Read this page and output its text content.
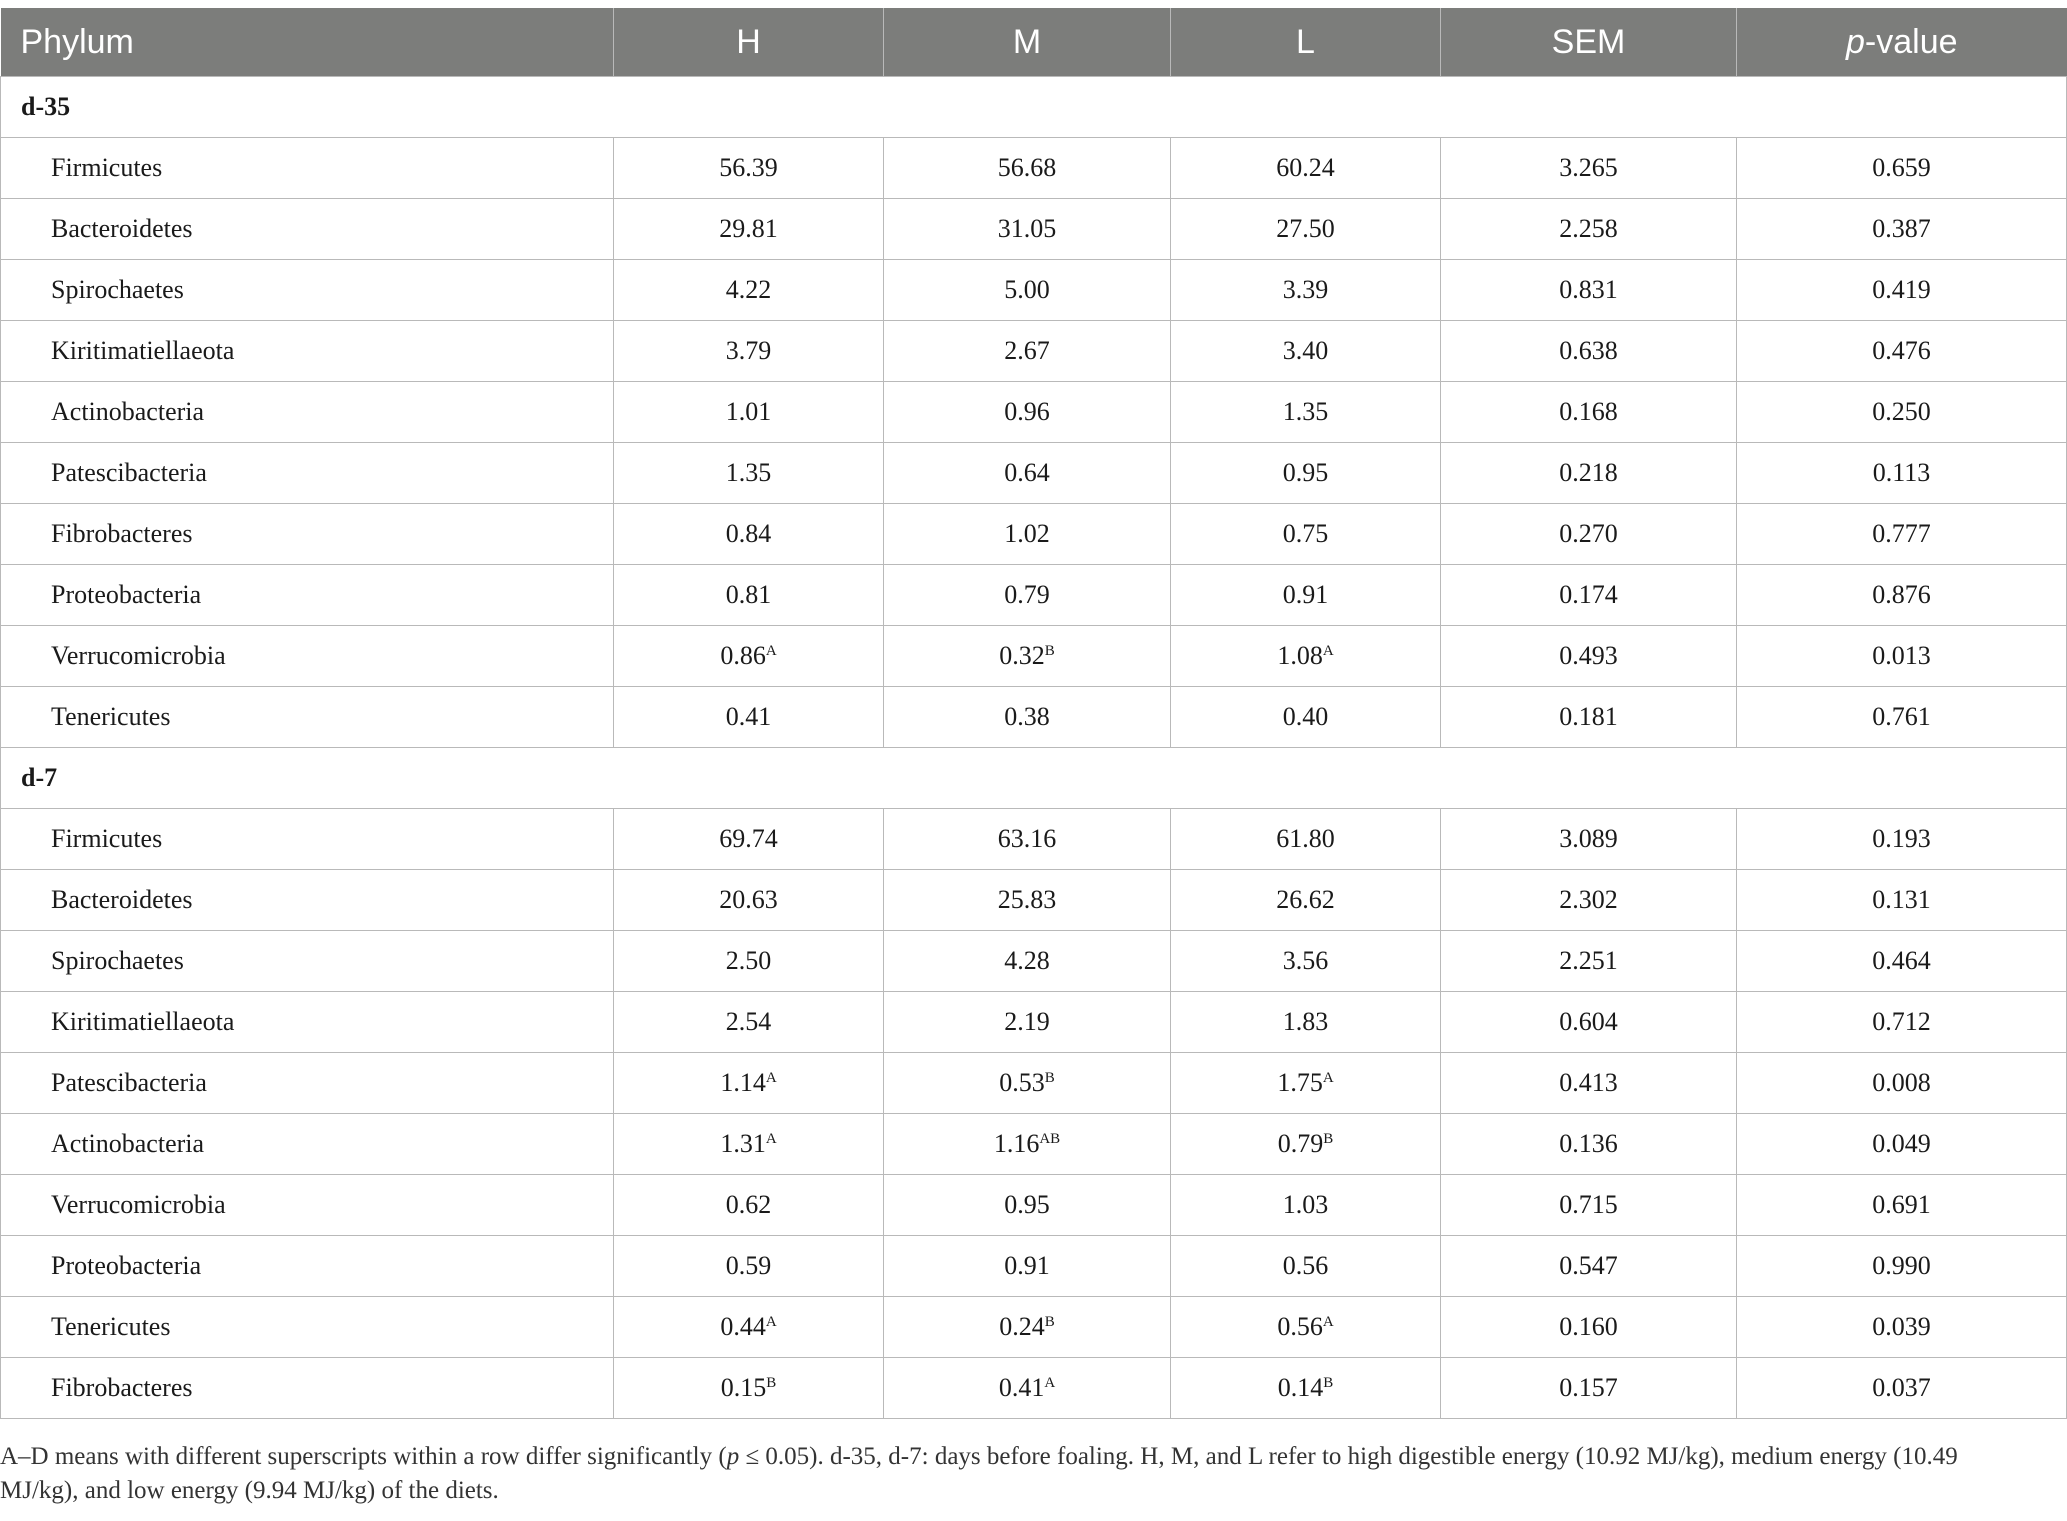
Phylum	H	M	L	SEM	p-value
d-35					
Firmicutes	56.39	56.68	60.24	3.265	0.659
Bacteroidetes	29.81	31.05	27.50	2.258	0.387
Spirochaetes	4.22	5.00	3.39	0.831	0.419
Kiritimatiellaeota	3.79	2.67	3.40	0.638	0.476
Actinobacteria	1.01	0.96	1.35	0.168	0.250
Patescibacteria	1.35	0.64	0.95	0.218	0.113
Fibrobacteres	0.84	1.02	0.75	0.270	0.777
Proteobacteria	0.81	0.79	0.91	0.174	0.876
Verrucomicrobia	$0.86^A$	$0.32^B$	$1.08^A$	0.493	0.013
Tenericutes	0.41	0.38	0.40	0.181	0.761
d-7					
Firmicutes	69.74	63.16	61.80	3.089	0.193
Bacteroidetes	20.63	25.83	26.62	2.302	0.131
Spirochaetes	2.50	4.28	3.56	2.251	0.464
Kiritimatiellaeota	2.54	2.19	1.83	0.604	0.712
Patescibacteria	$1.14^A$	$0.53^B$	$1.75^A$	0.413	0.008
Actinobacteria	$1.31^A$	$1.16^{AB}$	$0.79^B$	0.136	0.049
Verrucomicrobia	0.62	0.95	1.03	0.715	0.691
Proteobacteria	0.59	0.91	0.56	0.547	0.990
Tenericutes	$0.44^A$	$0.24^B$	$0.56^A$	0.160	0.039
Fibrobacteres	$0.15^B$	$0.41^A$	$0.14^B$	0.157	0.037
A–D means with different superscripts within a row differ significantly (p ≤ 0.05). d-35, d-7: days before foaling. H, M, and L refer to high digestible energy (10.92 MJ/kg), medium energy (10.49 MJ/kg), and low energy (9.94 MJ/kg) of the diets.
